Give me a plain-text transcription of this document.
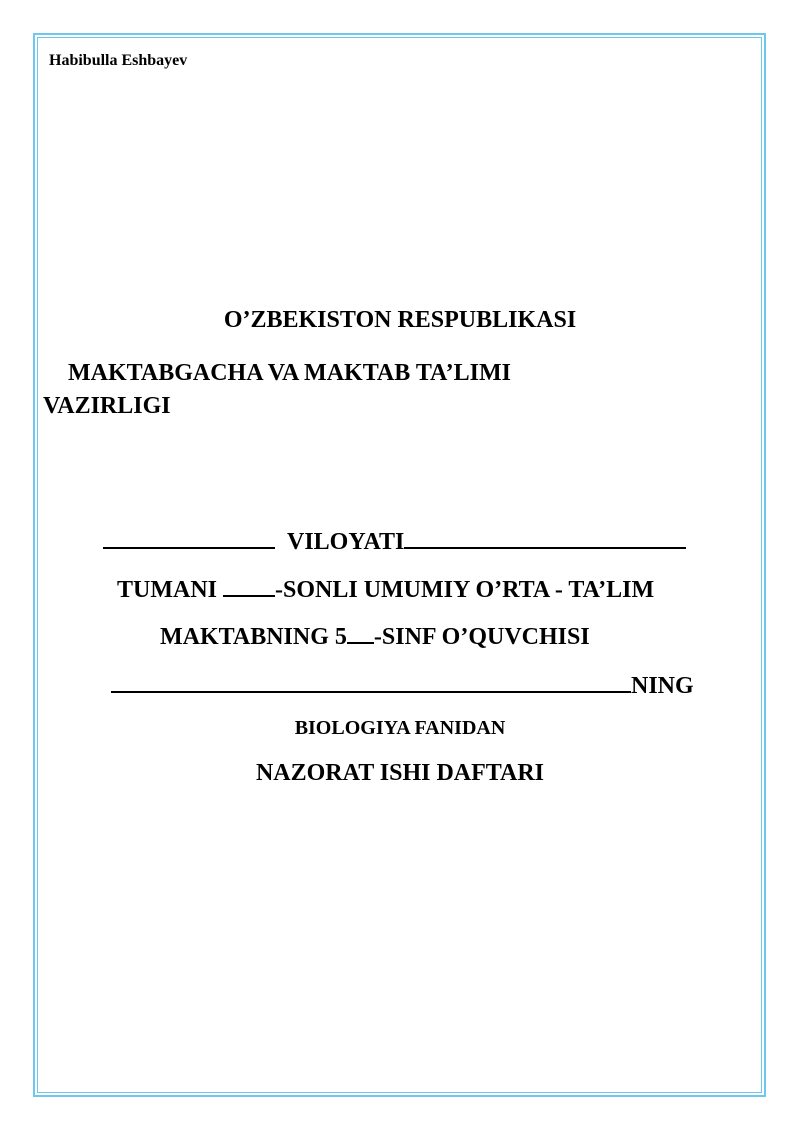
Habibulla Eshbayev
O’ZBEKISTON RESPUBLIKASI
MAKTABGACHA VA MAKTAB TA’LIMI
VAZIRLIGI
VILOYATI
TUMANI -SONLI UMUMIY O’RTA - TA’LIM
MAKTABNING 5 -SINF O’QUVCHISI
NING
BIOLOGIYA FANIDAN
NAZORAT ISHI DAFTARI
